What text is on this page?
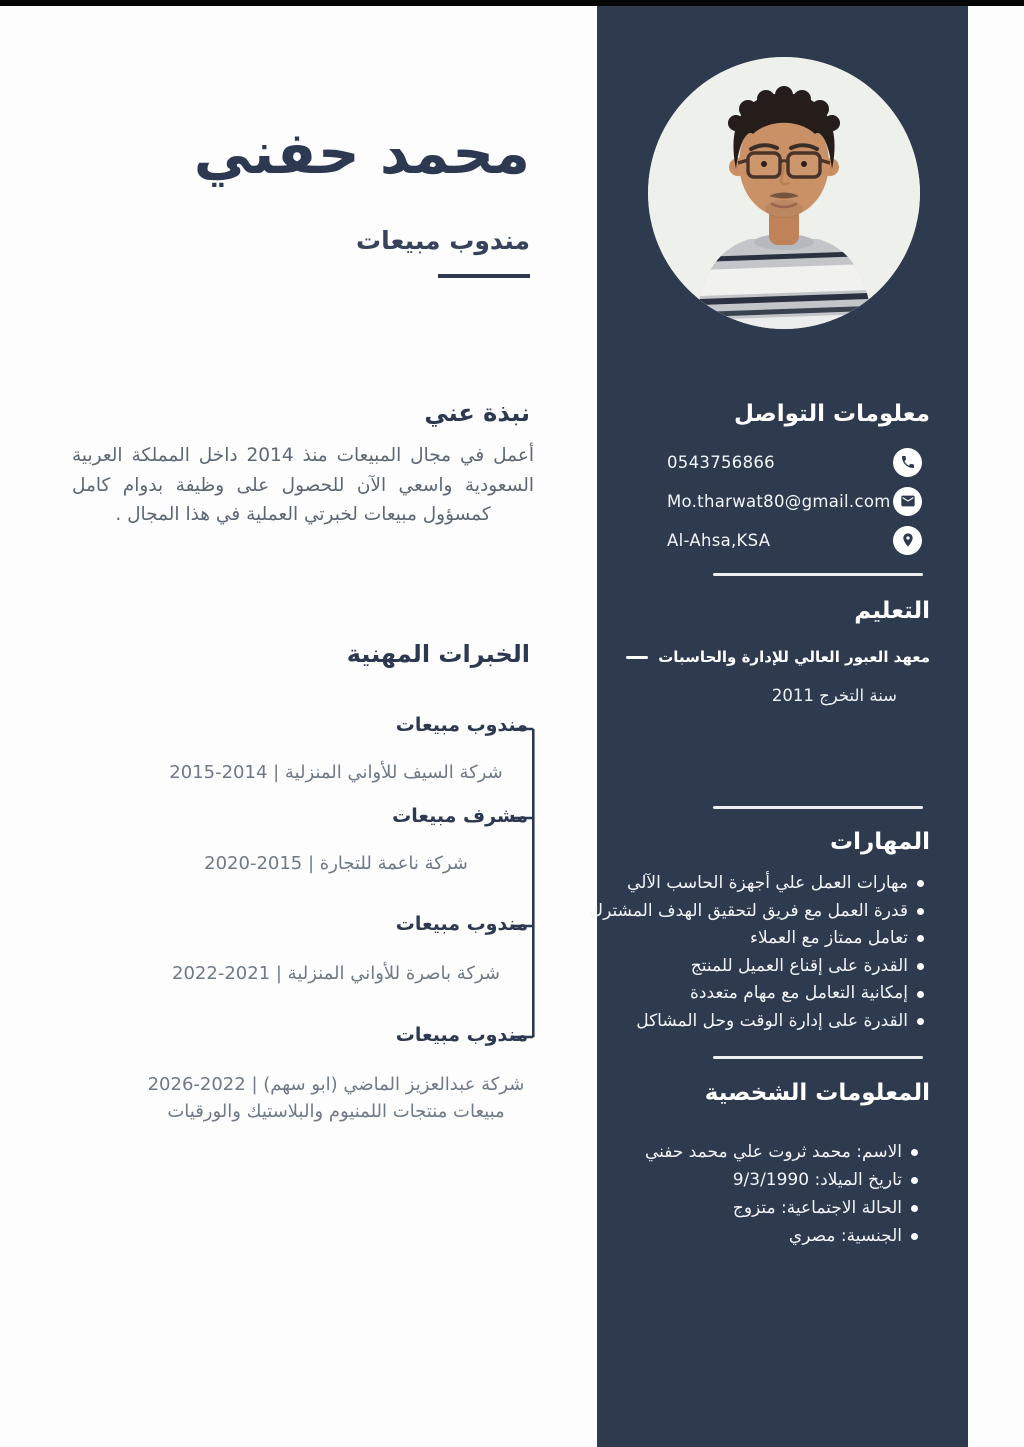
محمد حفني
مندوب مبيعات
نبذة عني
أعمل في مجال المبيعات منذ 2014 داخل المملكة العربية السعودية واسعي الآن للحصول على وظيفة بدوام كامل كمسؤول مبيعات لخبرتي العملية في هذا المجال .
الخبرات المهنية
مندوب مبيعات
شركة السيف للأواني المنزلية | 2014-2015
مشرف مبيعات
شركة ناعمة للتجارة | 2015-2020
مندوب مبيعات
شركة باصرة للأواني المنزلية | 2021-2022
مندوب مبيعات
شركة عبدالعزيز الماضي (ابو سهم) | 2022-2026
مبيعات منتجات اللمنيوم والبلاستيك والورقيات
معلومات التواصل
0543756866
Mo.tharwat80@gmail.com
Al-Ahsa,KSA
التعليم
معهد العبور العالي للإدارة والحاسبات
سنة التخرج 2011
المهارات
مهارات العمل علي أجهزة الحاسب الآلي
قدرة العمل مع فريق لتحقيق الهدف المشترك
تعامل ممتاز مع العملاء
القدرة على إقناع العميل للمنتج
إمكانية التعامل مع مهام متعددة
القدرة على إدارة الوقت وحل المشاكل
المعلومات الشخصية
الاسم: محمد ثروت علي محمد حفني
تاريخ الميلاد: 9/3/1990
الحالة الاجتماعية: متزوج
الجنسية: مصري
